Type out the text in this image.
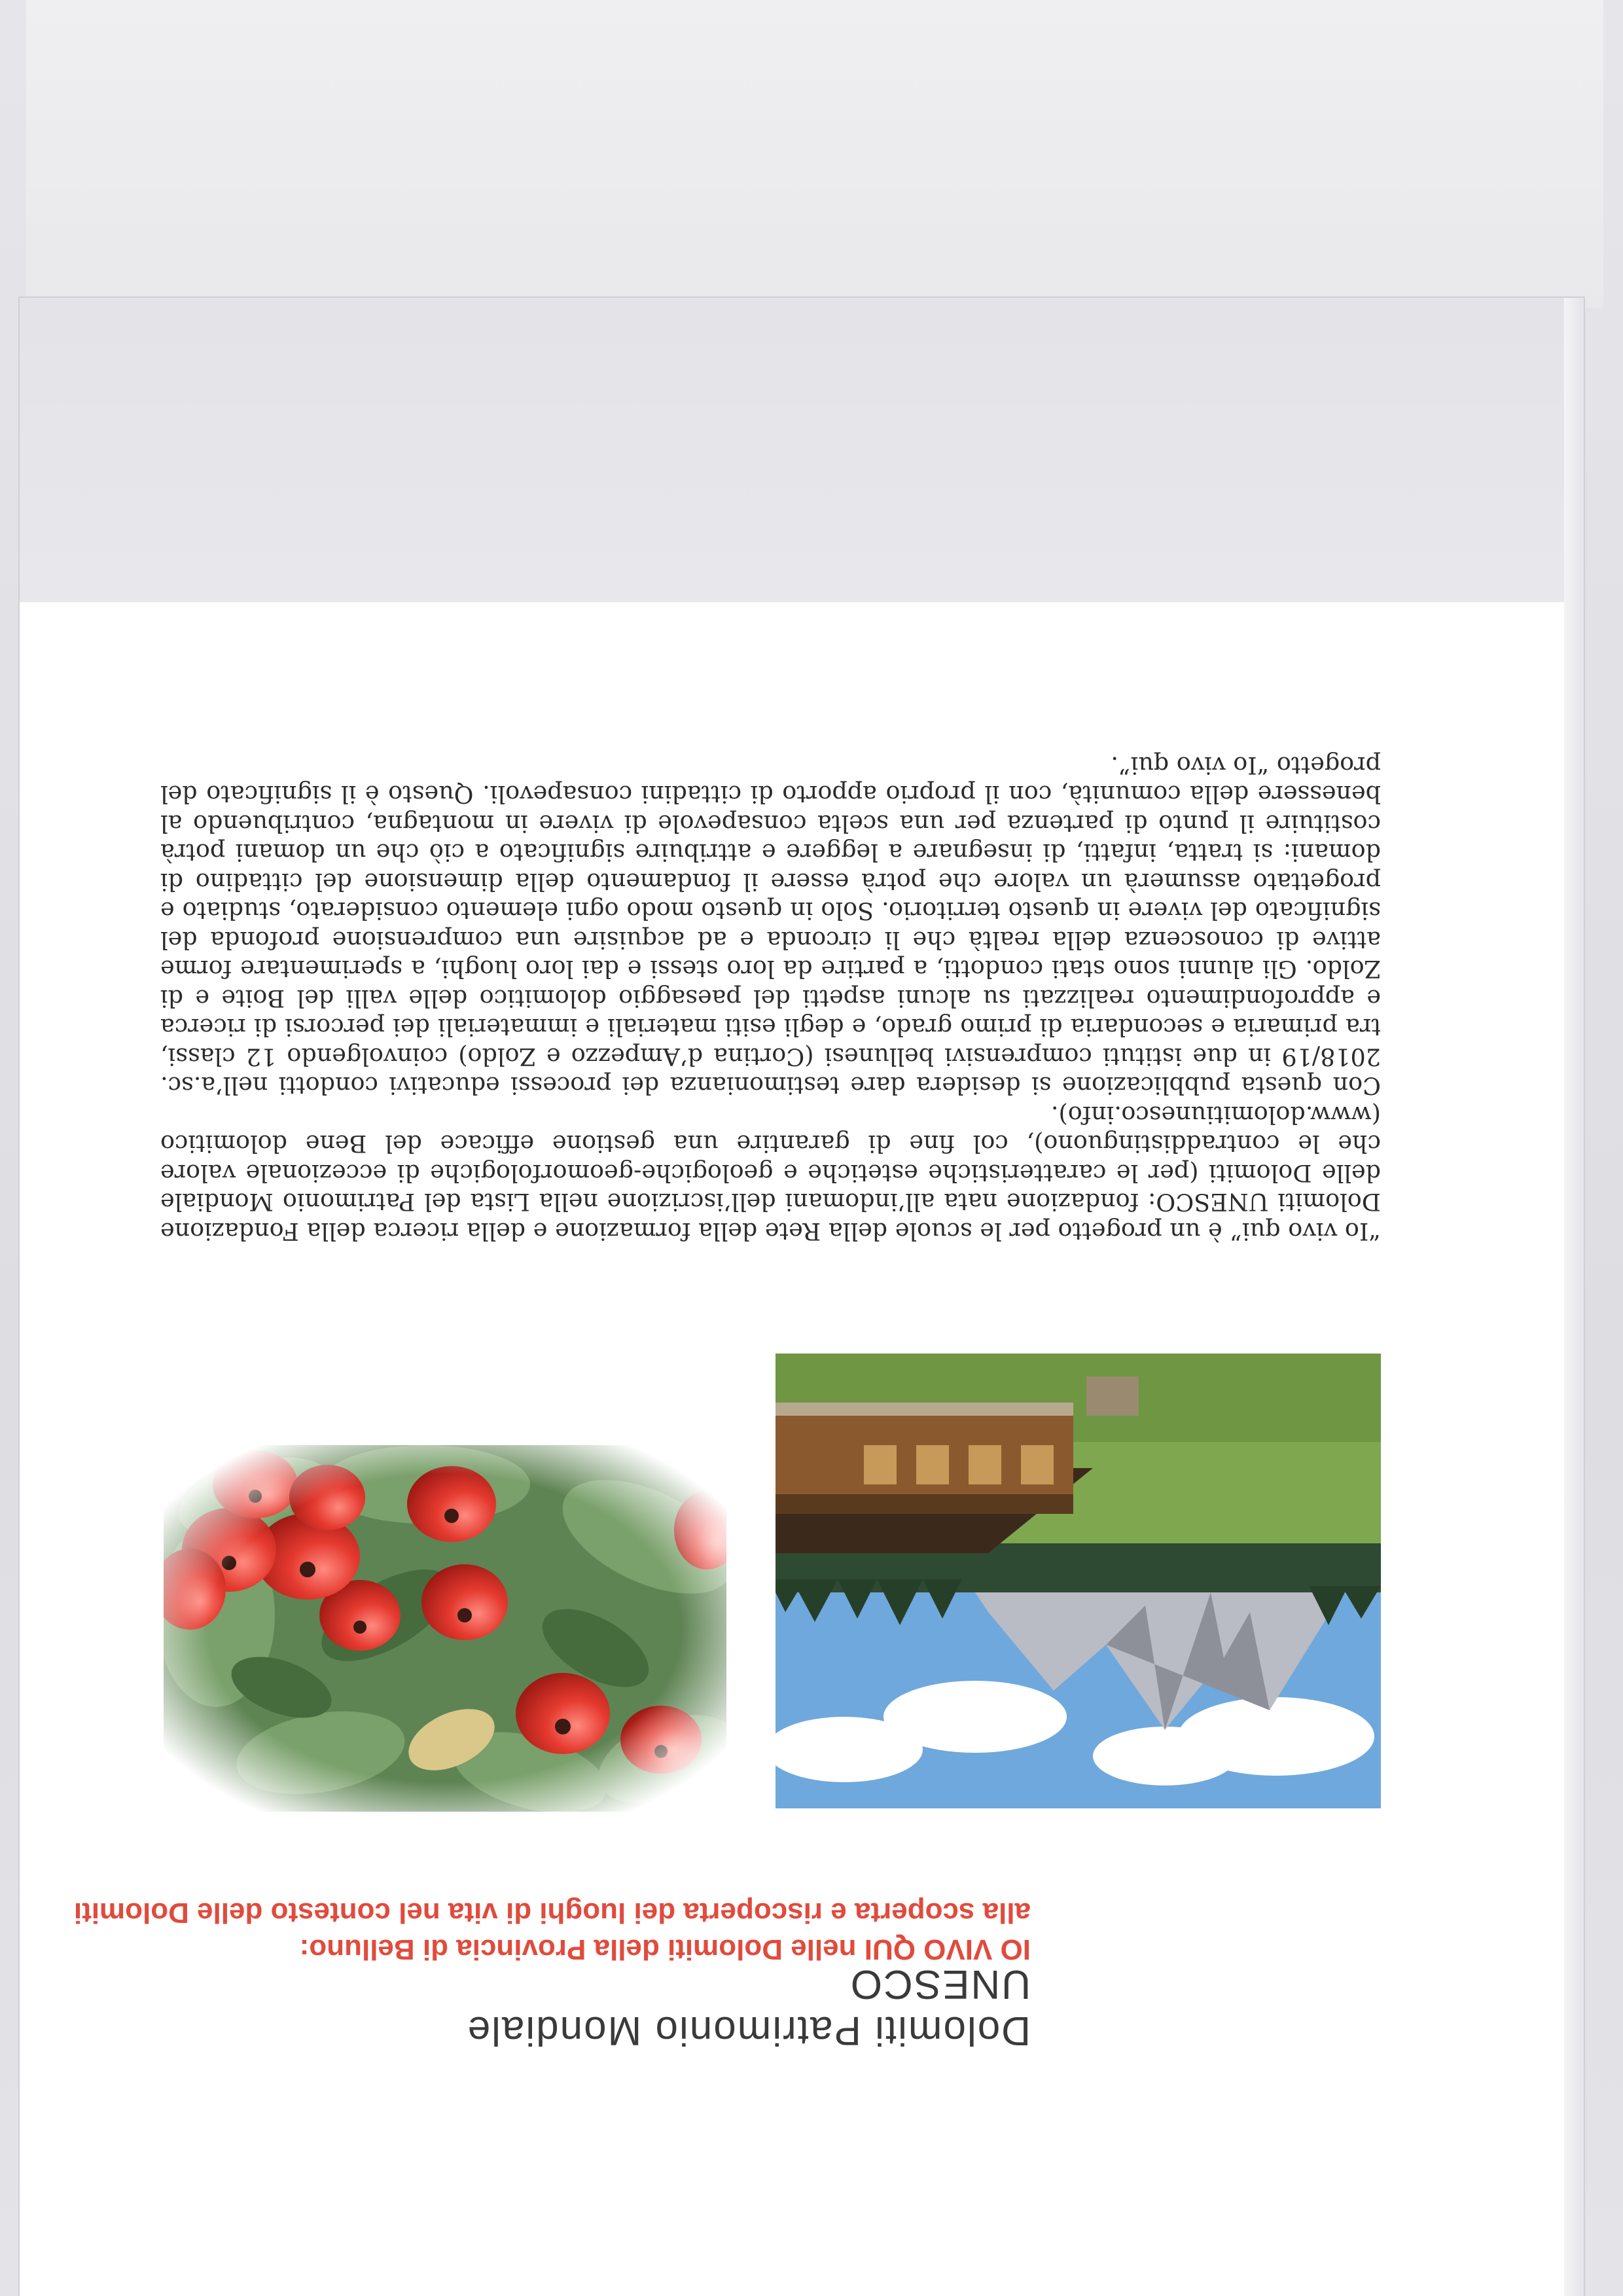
Dolomiti Patrimonio Mondiale UNESCO
IO VIVO QUI nelle Dolomiti della Provincia di Belluno:
alla scoperta e riscoperta dei luoghi di vita nel contesto delle Dolomiti

“Io vivo qui” è un progetto per le scuole della Rete della formazione e della ricerca della Fondazione Dolomiti UNESCO: fondazione nata all’indomani dell’iscrizione nella Lista del Patrimonio Mondiale delle Dolomiti (per le caratteristiche estetiche e geologiche-geomorfologiche di eccezionale valore che le contraddistinguono), col fine di garantire una gestione efficace del Bene dolomitico (www.dolomitiunesco.info).

Con questa pubblicazione si desidera dare testimonianza dei processi educativi condotti nell’a.sc. 2018/19 in due istituti comprensivi bellunesi (Cortina d’Ampezzo e Zoldo) coinvolgendo 12 classi, tra primaria e secondaria di primo grado, e degli esiti materiali e immateriali dei percorsi di ricerca e approfondimento realizzati su alcuni aspetti del paesaggio dolomitico delle valli del Boite e di Zoldo. Gli alunni sono stati condotti, a partire da loro stessi e dai loro luoghi, a sperimentare forme attive di conoscenza della realtà che li circonda e ad acquisire una comprensione profonda del significato del vivere in questo territorio. Solo in questo modo ogni elemento considerato, studiato e progettato assumerà un valore che potrà essere il fondamento della dimensione del cittadino di domani: si tratta, infatti, di insegnare a leggere e attribuire significato a ciò che un domani potrà costituire il punto di partenza per una scelta consapevole di vivere in montagna, contribuendo al benessere della comunità, con il proprio apporto di cittadini consapevoli. Questo è il significato del progetto “Io vivo qui”.
